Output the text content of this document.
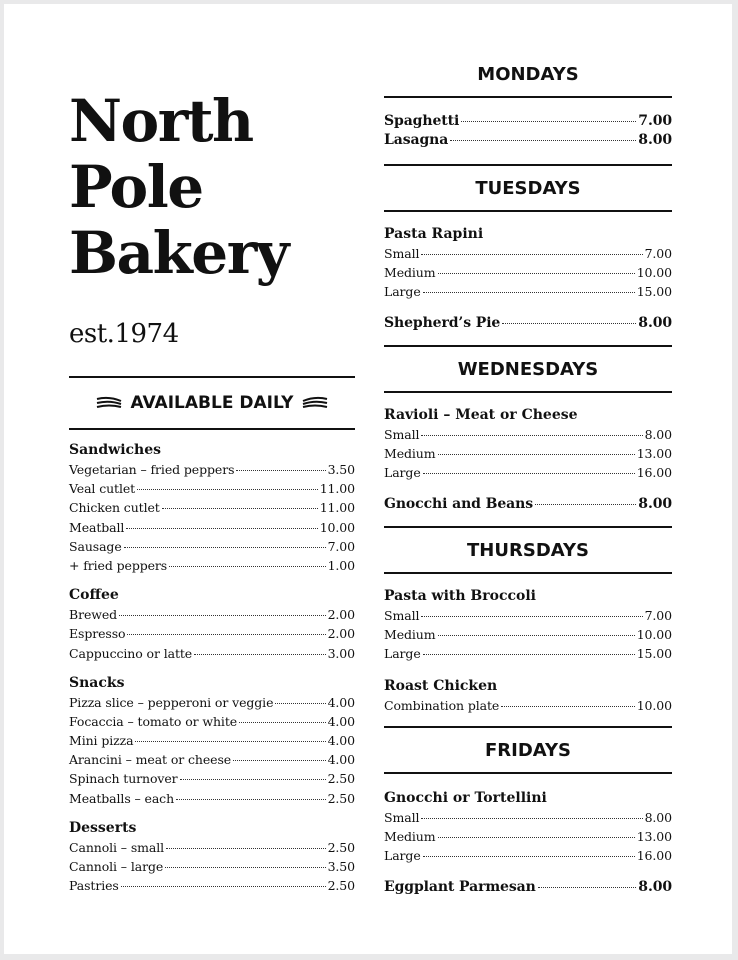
North
Pole
Bakery
est.1974
AVAILABLE DAILY
Sandwiches
Vegetarian – fried peppers	3.50
Veal cutlet	11.00
Chicken cutlet	11.00
Meatball	10.00
Sausage	7.00
+ fried peppers	1.00
Coffee
Brewed	2.00
Espresso	2.00
Cappuccino or latte	3.00
Snacks
Pizza slice – pepperoni or veggie	4.00
Focaccia – tomato or white	4.00
Mini pizza	4.00
Arancini – meat or cheese	4.00
Spinach turnover	2.50
Meatballs – each	2.50
Desserts
Cannoli – small	2.50
Cannoli – large	3.50
Pastries	2.50
MONDAYS
Spaghetti	7.00
Lasagna	8.00
TUESDAYS
Pasta Rapini
Small	7.00
Medium	10.00
Large	15.00
Shepherd’s Pie	8.00
WEDNESDAYS
Ravioli – Meat or Cheese
Small	8.00
Medium	13.00
Large	16.00
Gnocchi and Beans	8.00
THURSDAYS
Pasta with Broccoli
Small	7.00
Medium	10.00
Large	15.00
Roast Chicken
Combination plate	10.00
FRIDAYS
Gnocchi or Tortellini
Small	8.00
Medium	13.00
Large	16.00
Eggplant Parmesan	8.00
